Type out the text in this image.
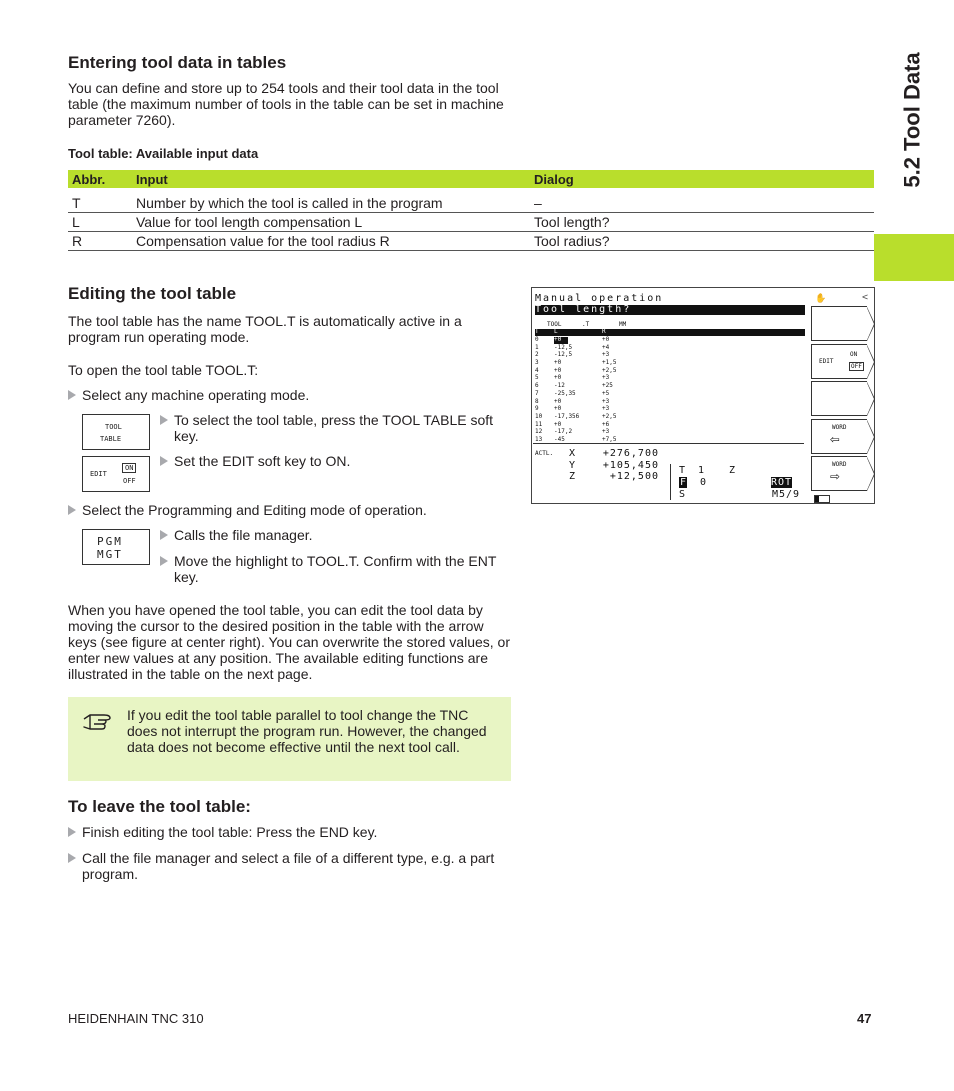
5.2 Tool Data
Entering tool data in tables

You can define and store up to 254 tools and their tool data in the tool table (the maximum number of tools in the table can be set in machine parameter 7260).

Tool table: Available input data
Abbr.	Input	Dialog
T	Number by which the tool is called in the program	–
L	Value for tool length compensation L	Tool length?
R	Compensation value for the tool radius R	Tool radius?
Editing the tool table

The tool table has the name TOOL.T is automatically active in a program run operating mode.

To open the tool table TOOL.T:

Select any machine operating mode.
TOOL
TABLE
To select the tool table, press the TOOL TABLE soft key.
EDIT
ON
OFF
Set the EDIT soft key to ON.
Select the Programming and Editing mode of operation.
PGM
MGT
Calls the file manager.
Move the highlight to TOOL.T. Confirm with the ENT key.

When you have opened the tool table, you can edit the tool data by moving the cursor to the desired position in the table with the arrow keys (see figure at center right). You can overwrite the stored values, or enter new values at any position. The available editing functions are illustrated in the table on the next page.

If you edit the tool table parallel to tool change the TNC does not interrupt the program run. However, the changed data does not become effective until the next tool call.

To leave the tool table:
Finish editing the tool table: Press the END key.
Call the file manager and select a file of a different type, e.g. a part program.
Manual operation
Tool length?
✋	<
TOOL	.T	MM
T	L	R
0	+0	+0
1	-12,5	+4
2	-12,5	+3
3	+0	+1,5
4	+0	+2,5
5	+0	+3
6	-12	+25
7	-25,35	+5
8	+0	+3
9	+0	+3
10 -17,356	+2,5
11 +0	+6
12 -17,2	+3
13 -45	+7,5
ACTL. X	+276,700
Y	+105,450
Z	+12,500
T 1 Z
F 0	ROT
S	M5/9
EDIT
ON
OFF
WORD
⇦
WORD
⇨
HEIDENHAIN TNC 310	47
